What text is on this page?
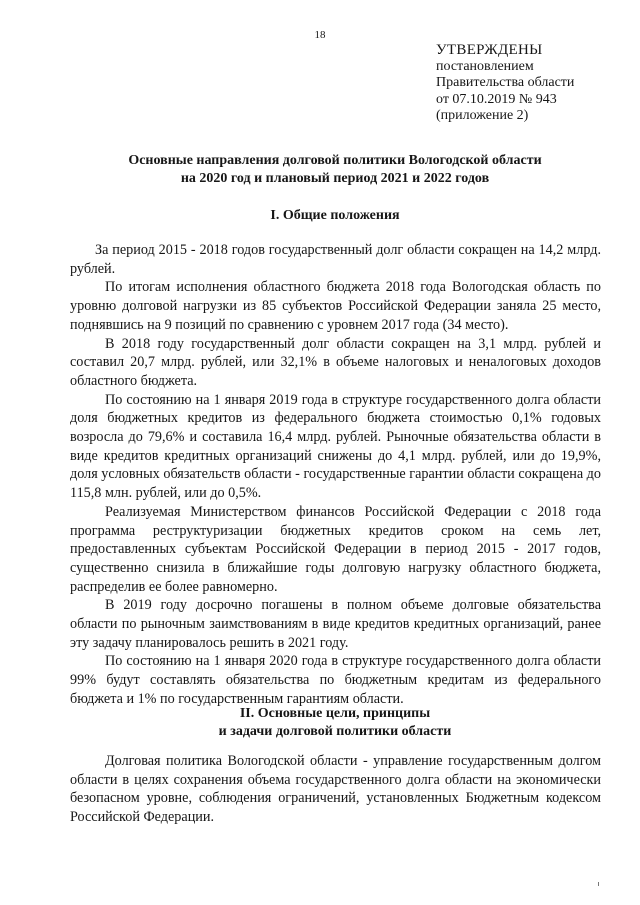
18
УТВЕРЖДЕНЫ
постановлением
Правительства области
от 07.10.2019 № 943
(приложение 2)
Основные направления долговой политики Вологодской области
на 2020 год и плановый период 2021 и 2022 годов
I. Общие положения

За период 2015 - 2018 годов государственный долг области сокращен на 14,2 млрд. рублей.

По итогам исполнения областного бюджета 2018 года Вологодская область по уровню долговой нагрузки из 85 субъектов Российской Федерации заняла 25 место, поднявшись на 9 позиций по сравнению с уровнем 2017 года (34 место).

В 2018 году государственный долг области сокращен на 3,1 млрд. рублей и составил 20,7 млрд. рублей, или 32,1% в объеме налоговых и неналоговых доходов областного бюджета.

По состоянию на 1 января 2019 года в структуре государственного долга области доля бюджетных кредитов из федерального бюджета стоимостью 0,1% годовых возросла до 79,6% и составила 16,4 млрд. рублей. Рыночные обязательства области в виде кредитов кредитных организаций снижены до 4,1 млрд. рублей, или до 19,9%, доля условных обязательств области - государственные гарантии области сокращена до 115,8 млн. рублей, или до 0,5%.

Реализуемая Министерством финансов Российской Федерации с 2018 года программа реструктуризации бюджетных кредитов сроком на семь лет, предоставленных субъектам Российской Федерации в период 2015 - 2017 годов, существенно снизила в ближайшие годы долговую нагрузку областного бюджета, распределив ее более равномерно.

В 2019 году досрочно погашены в полном объеме долговые обязательства области по рыночным заимствованиям в виде кредитов кредитных организаций, ранее эту задачу планировалось решить в 2021 году.

По состоянию на 1 января 2020 года в структуре государственного долга области 99% будут составлять обязательства по бюджетным кредитам из федерального бюджета и 1% по государственным гарантиям области.

II. Основные цели, принципы
и задачи долговой политики области

Долговая политика Вологодской области - управление государственным долгом области в целях сохранения объема государственного долга области на экономически безопасном уровне, соблюдения ограничений, установленных Бюджетным кодексом Российской Федерации.
